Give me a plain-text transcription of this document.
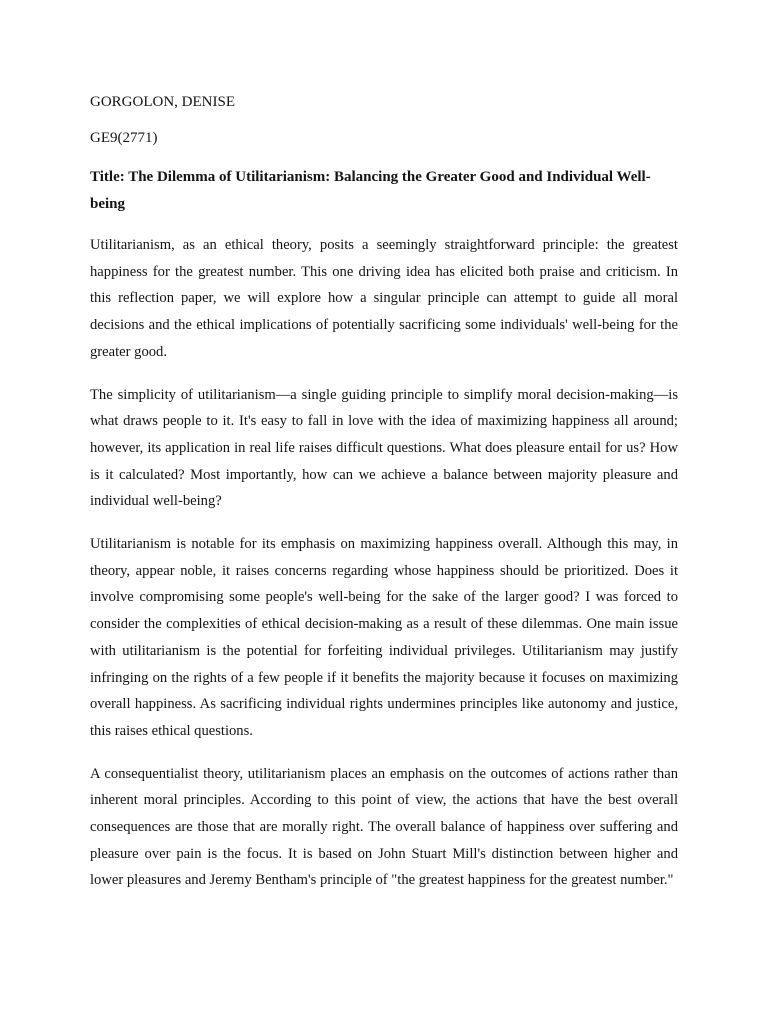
GORGOLON, DENISE
GE9(2771)
Title: The Dilemma of Utilitarianism: Balancing the Greater Good and Individual Well-being

Utilitarianism, as an ethical theory, posits a seemingly straightforward principle: the greatest happiness for the greatest number. This one driving idea has elicited both praise and criticism. In this reflection paper, we will explore how a singular principle can attempt to guide all moral decisions and the ethical implications of potentially sacrificing some individuals' well-being for the greater good.

The simplicity of utilitarianism—a single guiding principle to simplify moral decision-making—is what draws people to it. It's easy to fall in love with the idea of maximizing happiness all around; however, its application in real life raises difficult questions. What does pleasure entail for us? How is it calculated? Most importantly, how can we achieve a balance between majority pleasure and individual well-being?

Utilitarianism is notable for its emphasis on maximizing happiness overall. Although this may, in theory, appear noble, it raises concerns regarding whose happiness should be prioritized. Does it involve compromising some people's well-being for the sake of the larger good? I was forced to consider the complexities of ethical decision-making as a result of these dilemmas. One main issue with utilitarianism is the potential for forfeiting individual privileges. Utilitarianism may justify infringing on the rights of a few people if it benefits the majority because it focuses on maximizing overall happiness. As sacrificing individual rights undermines principles like autonomy and justice, this raises ethical questions.

A consequentialist theory, utilitarianism places an emphasis on the outcomes of actions rather than inherent moral principles. According to this point of view, the actions that have the best overall consequences are those that are morally right. The overall balance of happiness over suffering and pleasure over pain is the focus. It is based on John Stuart Mill's distinction between higher and lower pleasures and Jeremy Bentham's principle of "the greatest happiness for the greatest number."
